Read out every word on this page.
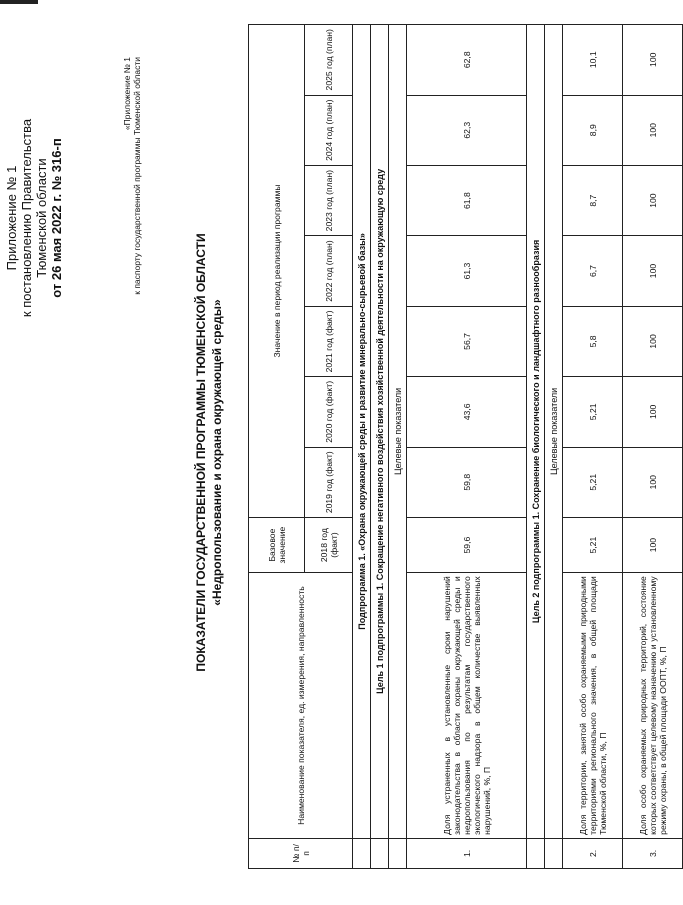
Приложение № 1 к постановлению Правительства Тюменской области от 26 мая 2022 г. № 316-п
«Приложение № 1 к паспорту государственной программы Тюменской области
ПОКАЗАТЕЛИ ГОСУДАРСТВЕННОЙ ПРОГРАММЫ ТЮМЕНСКОЙ ОБЛАСТИ «Недропользование и охрана окружающей среды»
№ п/п	Наименование показателя, ед. измерения, направленность	Базовое значение	Значение в период реализации программы						
		2018 год (факт)	2019 год (факт)	2020 год (факт)	2021 год (факт)	2022 год (план)	2023 год (план)	2024 год (план)	2025 год (план)
	Подпрограмма 1. «Охрана окружающей среды и развитие минерально-сырьевой базы»								
	Цель 1 подпрограммы 1. Сокращение негативного воздействия хозяйственной деятельности на окружающую среду								
	Целевые показатели								
1.	Доля устраненных в установленные сроки нарушений законодательства в области охраны окружающей среды и недропользования по результатам государственного экологического надзора в общем количестве выявленных нарушений, %, П	59,6	59,8	43,6	56,7	61,3	61,8	62,3	62,8
	Цель 2 подпрограммы 1. Сохранение биологического и ландшафтного разнообразия								
	Целевые показатели								
2.	Доля территории, занятой особо охраняемыми природными территориями регионального значения, в общей площади Тюменской области, %, П	5,21	5,21	5,21	5,8	6,7	8,7	8,9	10,1
3.	Доля особо охраняемых природных территорий, состояние которых соответствует целевому назначению и установленному режиму охраны, в общей площади ООПТ, %, П	100	100	100	100	100	100	100	100
